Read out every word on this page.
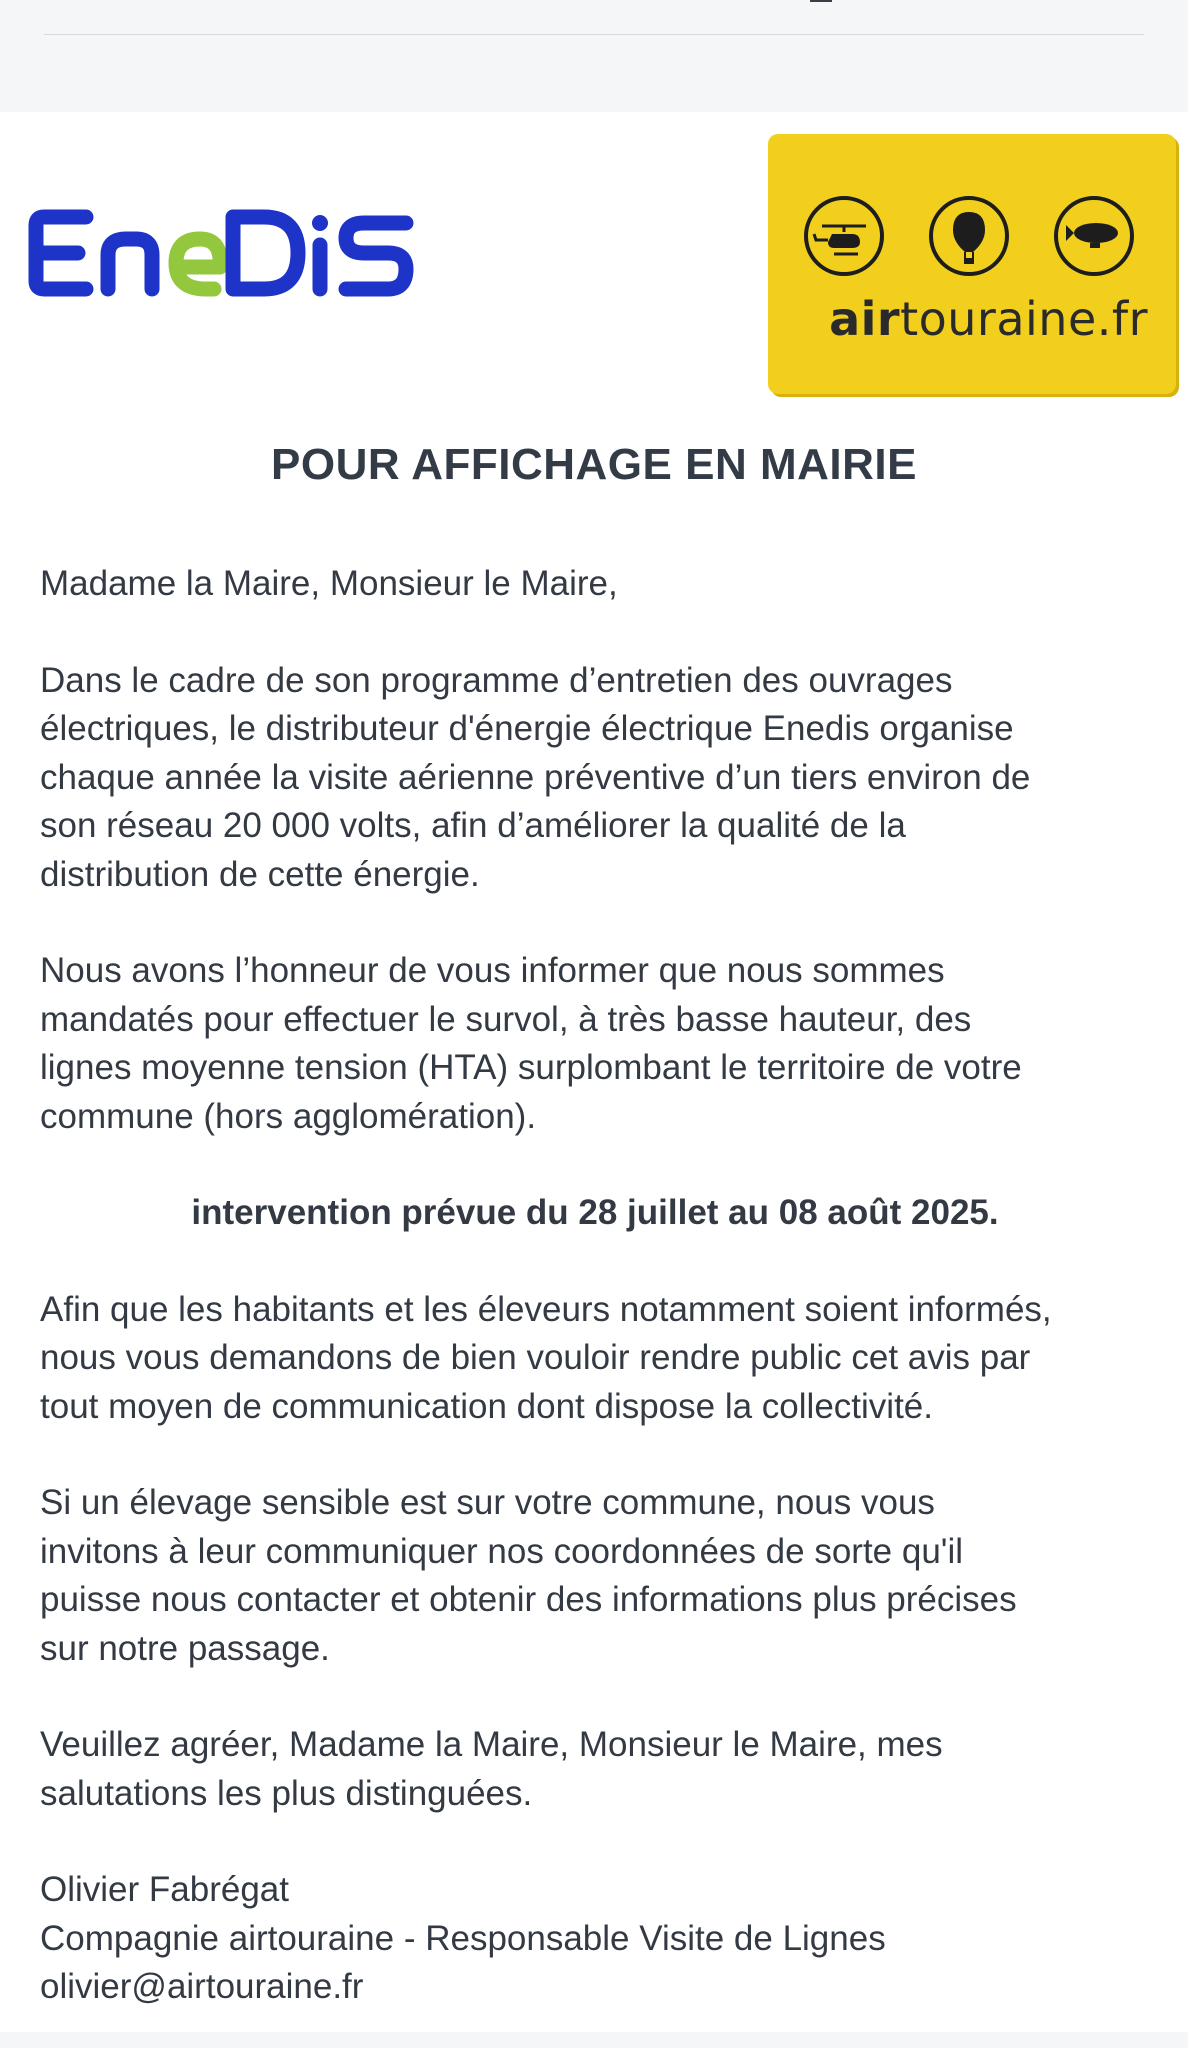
airtouraine.fr
POUR AFFICHAGE EN MAIRIE

Madame la Maire, Monsieur le Maire,

Dans le cadre de son programme d’entretien des ouvrages

électriques, le distributeur d'énergie électrique Enedis organise

chaque année la visite aérienne préventive d’un tiers environ de

son réseau 20 000 volts, afin d’améliorer la qualité de la

distribution de cette énergie.

Nous avons l’honneur de vous informer que nous sommes

mandatés pour effectuer le survol, à très basse hauteur, des

lignes moyenne tension (HTA) surplombant le territoire de votre

commune (hors agglomération).

intervention prévue du 28 juillet au 08 août 2025.

Afin que les habitants et les éleveurs notamment soient informés,

nous vous demandons de bien vouloir rendre public cet avis par

tout moyen de communication dont dispose la collectivité.

Si un élevage sensible est sur votre commune, nous vous

invitons à leur communiquer nos coordonnées de sorte qu'il

puisse nous contacter et obtenir des informations plus précises

sur notre passage.

Veuillez agréer, Madame la Maire, Monsieur le Maire, mes

salutations les plus distinguées.

Olivier Fabrégat

Compagnie airtouraine - Responsable Visite de Lignes

olivier@airtouraine.fr
